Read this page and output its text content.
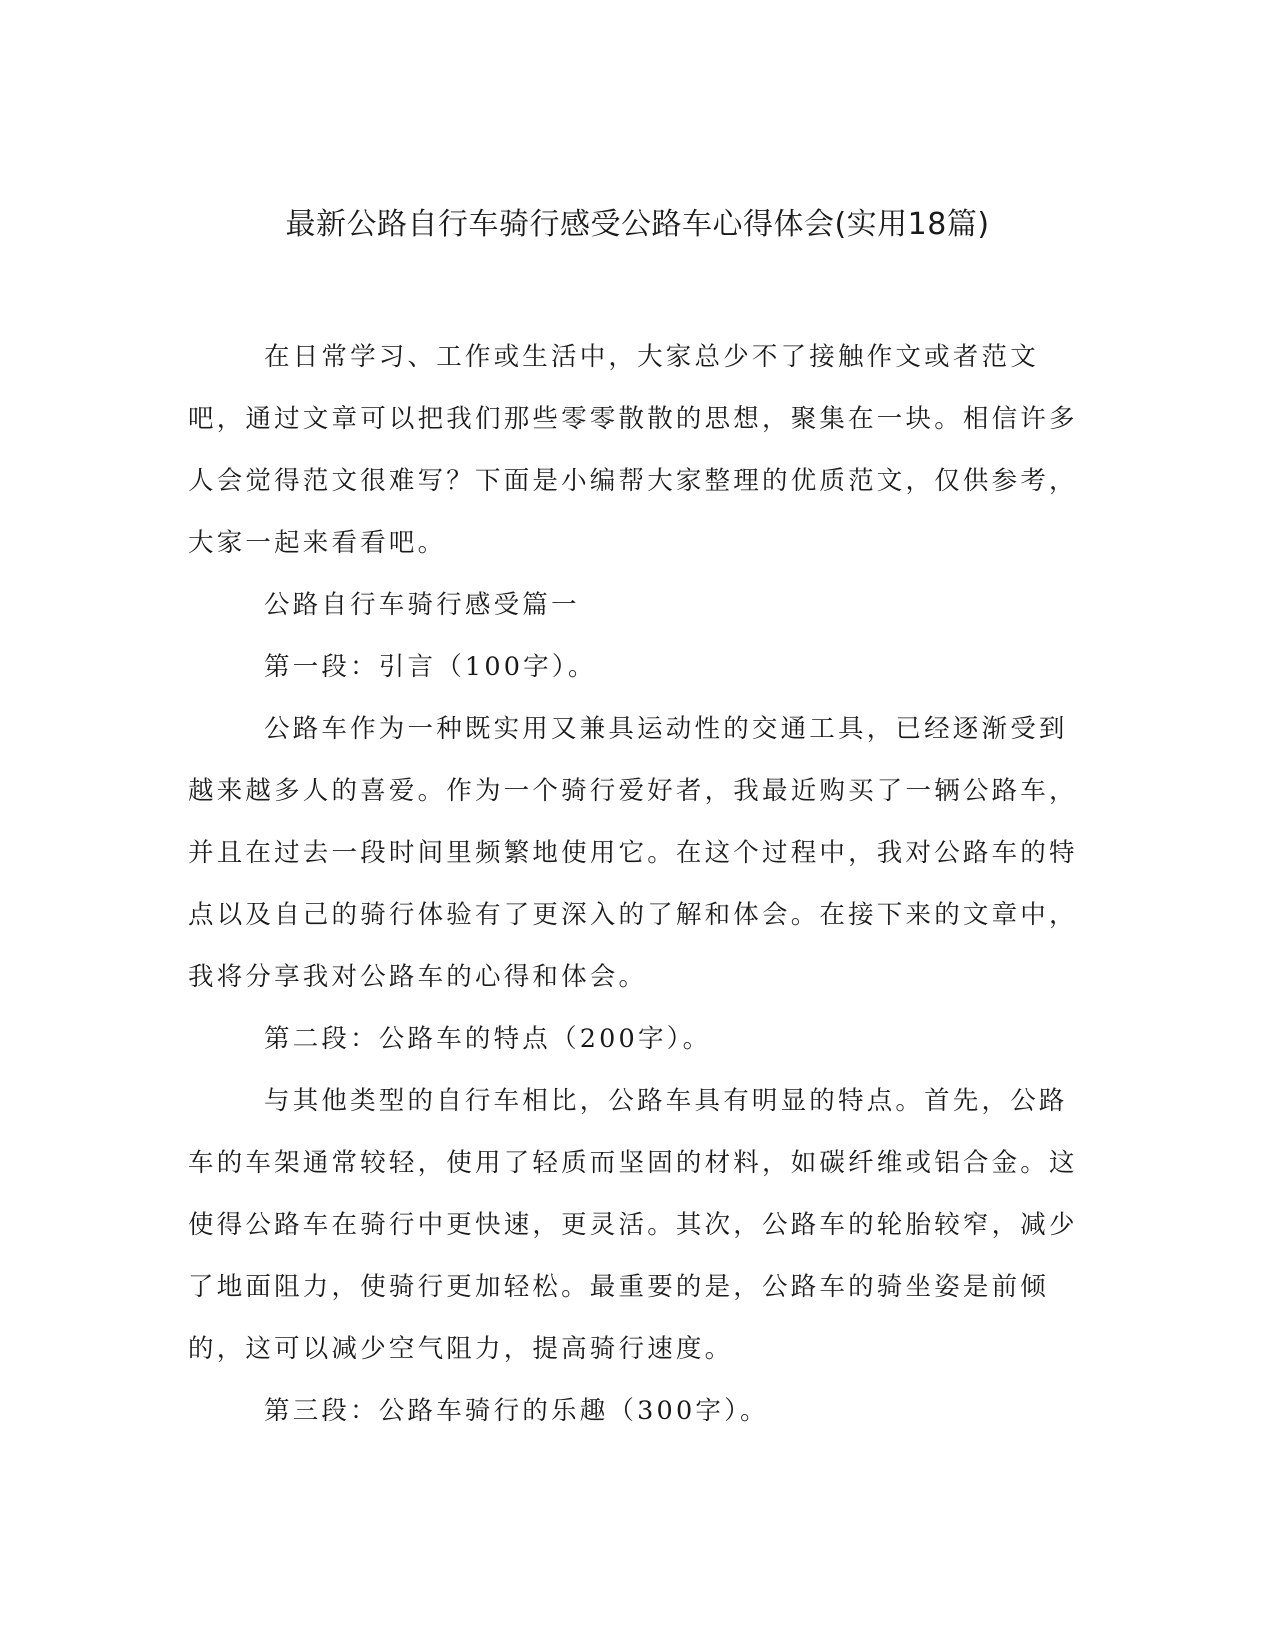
最新公路自行车骑行感受公路车心得体会(实用18篇)

在日常学习、工作或生活中，大家总少不了接触作文或者范文吧，通过文章可以把我们那些零零散散的思想，聚集在一块。相信许多人会觉得范文很难写？下面是小编帮大家整理的优质范文，仅供参考，大家一起来看看吧。

公路自行车骑行感受篇一

第一段：引言（100字）。

公路车作为一种既实用又兼具运动性的交通工具，已经逐渐受到越来越多人的喜爱。作为一个骑行爱好者，我最近购买了一辆公路车，并且在过去一段时间里频繁地使用它。在这个过程中，我对公路车的特点以及自己的骑行体验有了更深入的了解和体会。在接下来的文章中，我将分享我对公路车的心得和体会。

第二段：公路车的特点（200字）。

与其他类型的自行车相比，公路车具有明显的特点。首先，公路车的车架通常较轻，使用了轻质而坚固的材料，如碳纤维或铝合金。这使得公路车在骑行中更快速，更灵活。其次，公路车的轮胎较窄，减少了地面阻力，使骑行更加轻松。最重要的是，公路车的骑坐姿是前倾的，这可以减少空气阻力，提高骑行速度。

第三段：公路车骑行的乐趣（300字）。
